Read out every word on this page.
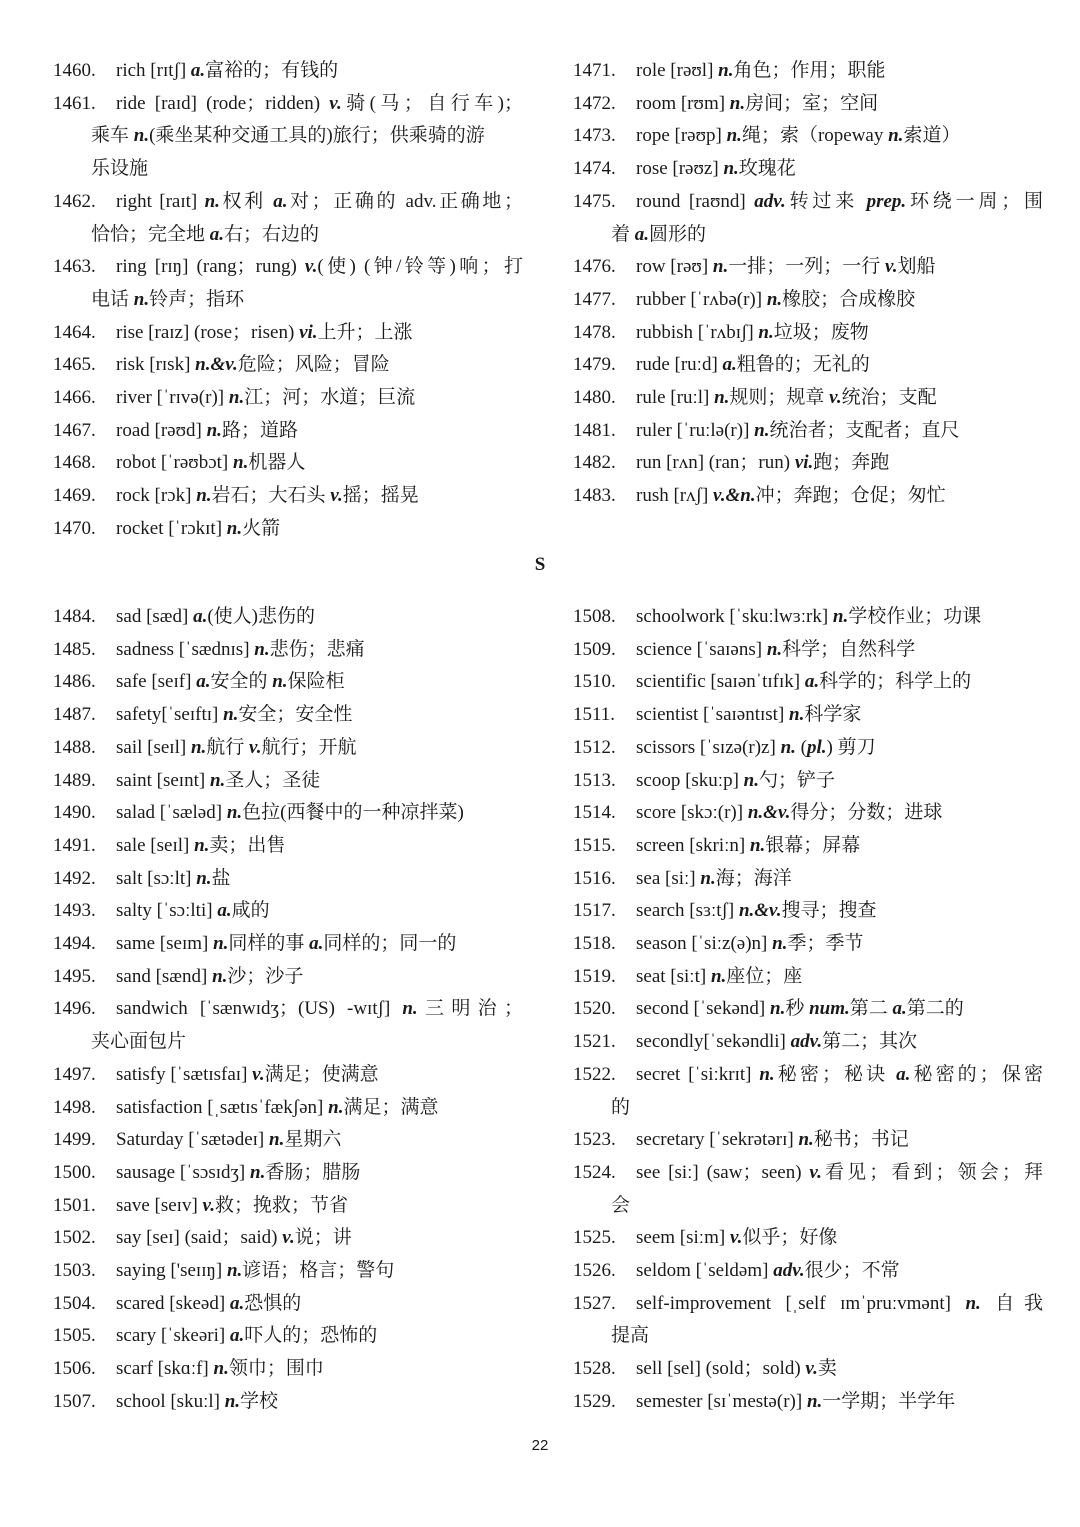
1460. rich [rɪtʃ] a.富裕的；有钱的
1461. ride [raɪd] (rode；ridden) v.骑(马；自行车)；
乘车 n.(乘坐某种交通工具的)旅行；供乘骑的游
乐设施
1462. right [raɪt] n.权利 a.对；正确的 adv.正确地；
恰恰；完全地 a.右；右边的
1463. ring [rɪŋ] (rang；rung) v.(使) (钟/铃等)响；打
电话 n.铃声；指环
1464. rise [raɪz] (rose；risen) vi.上升；上涨
1465. risk [rɪsk] n.&v.危险；风险；冒险
1466. river [ˈrɪvə(r)] n.江；河；水道；巨流
1467. road [rəʊd] n.路；道路
1468. robot [ˈrəʊbɔt] n.机器人
1469. rock [rɔk] n.岩石；大石头 v.摇；摇晃
1470. rocket [ˈrɔkɪt] n.火箭
1471. role [rəʊl] n.角色；作用；职能
1472. room [rʊm] n.房间；室；空间
1473. rope [rəʊp] n.绳；索（ropeway n.索道）
1474. rose [rəʊz] n.玫瑰花
1475. round [raʊnd] adv.转过来 prep.环绕一周；围
着 a.圆形的
1476. row [rəʊ] n.一排；一列；一行 v.划船
1477. rubber [ˈrʌbə(r)] n.橡胶；合成橡胶
1478. rubbish [ˈrʌbɪʃ] n.垃圾；废物
1479. rude [ruːd] a.粗鲁的；无礼的
1480. rule [ruːl] n.规则；规章 v.统治；支配
1481. ruler [ˈruːlə(r)] n.统治者；支配者；直尺
1482. run [rʌn] (ran；run) vi.跑；奔跑
1483. rush [rʌʃ] v.&n.冲；奔跑；仓促；匆忙
S
1484. sad [sæd] a.(使人)悲伤的
1485. sadness [ˈsædnɪs] n.悲伤；悲痛
1486. safe [seɪf] a.安全的 n.保险柜
1487. safety[ˈseɪftɪ] n.安全；安全性
1488. sail [seɪl] n.航行 v.航行；开航
1489. saint [seɪnt] n.圣人；圣徒
1490. salad [ˈsæləd] n.色拉(西餐中的一种凉拌菜)
1491. sale [seɪl] n.卖；出售
1492. salt [sɔːlt] n.盐
1493. salty [ˈsɔːlti] a.咸的
1494. same [seɪm] n.同样的事 a.同样的；同一的
1495. sand [sænd] n.沙；沙子
1496. sandwich [ˈsænwɪdʒ；(US) -wɪtʃ] n.三明治；
夹心面包片
1497. satisfy [ˈsætɪsfaɪ] v.满足；使满意
1498. satisfaction [ˌsætɪsˈfækʃən] n.满足；满意
1499. Saturday [ˈsætədeɪ] n.星期六
1500. sausage [ˈsɔsɪdʒ] n.香肠；腊肠
1501. save [seɪv] v.救；挽救；节省
1502. say [seɪ] (said；said) v.说；讲
1503. saying ['seɪɪŋ] n.谚语；格言；警句
1504. scared [skeəd] a.恐惧的
1505. scary [ˈskeəri] a.吓人的；恐怖的
1506. scarf [skɑːf] n.领巾；围巾
1507. school [skuːl] n.学校
1508. schoolwork [ˈskuːlwɜːrk] n.学校作业；功课
1509. science [ˈsaɪəns] n.科学；自然科学
1510. scientific [saɪənˈtɪfɪk] a.科学的；科学上的
1511. scientist [ˈsaɪəntɪst] n.科学家
1512. scissors [ˈsɪzə(r)z] n. (pl.) 剪刀
1513. scoop [skuːp] n.勺；铲子
1514. score [skɔː(r)] n.&v.得分；分数；进球
1515. screen [skriːn] n.银幕；屏幕
1516. sea [siː] n.海；海洋
1517. search [sɜːtʃ] n.&v.搜寻；搜查
1518. season [ˈsiːz(ə)n] n.季；季节
1519. seat [siːt] n.座位；座
1520. second [ˈsekənd] n.秒 num.第二 a.第二的
1521. secondly[ˈsekəndli] adv.第二；其次
1522. secret [ˈsiːkrɪt] n.秘密；秘诀 a.秘密的；保密
的
1523. secretary [ˈsekrətərɪ] n.秘书；书记
1524. see [siː] (saw；seen) v.看见；看到；领会；拜
会
1525. seem [siːm] v.似乎；好像
1526. seldom [ˈseldəm] adv.很少；不常
1527. self-improvement [ˌself ɪmˈpruːvmənt] n. 自我
提高
1528. sell [sel] (sold；sold) v.卖
1529. semester [sɪˈmestə(r)] n.一学期；半学年
22
